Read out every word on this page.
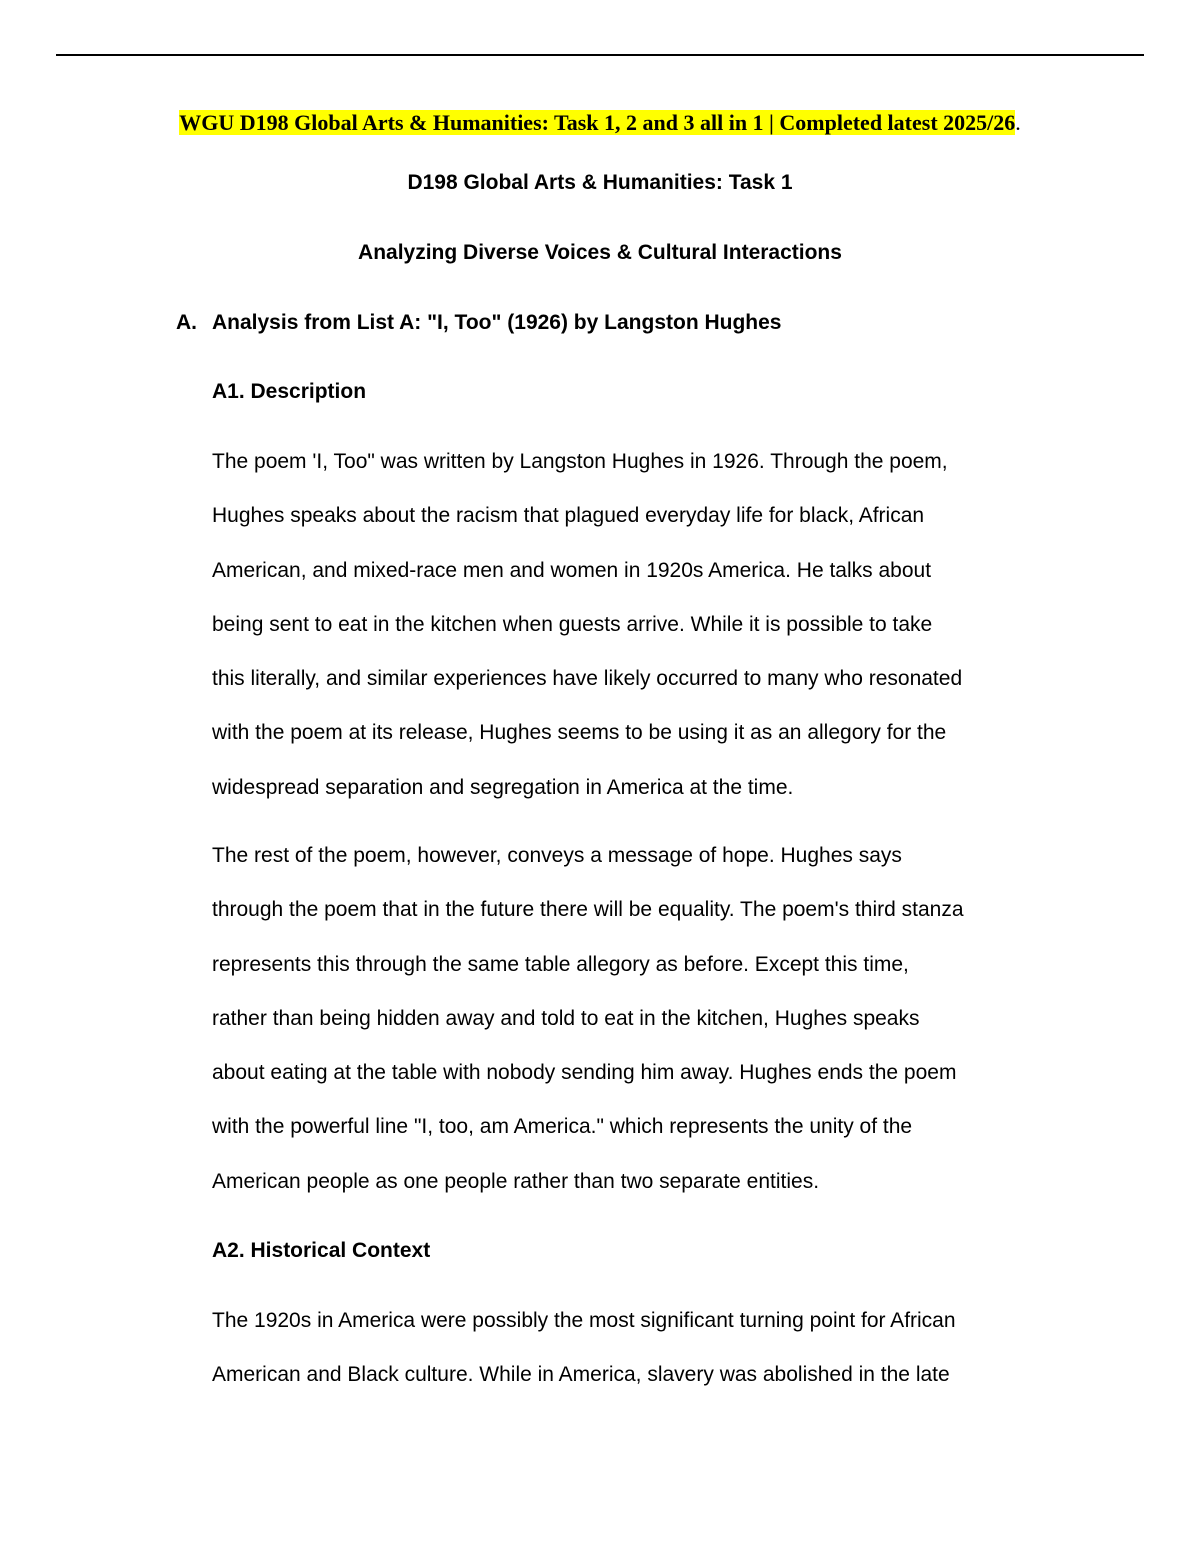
WGU D198 Global Arts & Humanities: Task 1, 2 and 3 all in 1 | Completed latest 2025/26.
D198 Global Arts & Humanities: Task 1
Analyzing Diverse Voices & Cultural Interactions
A. Analysis from List A: "I, Too" (1926) by Langston Hughes
A1. Description
The poem 'I, Too" was written by Langston Hughes in 1926. Through the poem,
Hughes speaks about the racism that plagued everyday life for black, African
American, and mixed-race men and women in 1920s America. He talks about
being sent to eat in the kitchen when guests arrive. While it is possible to take
this literally, and similar experiences have likely occurred to many who resonated
with the poem at its release, Hughes seems to be using it as an allegory for the
widespread separation and segregation in America at the time.
The rest of the poem, however, conveys a message of hope. Hughes says
through the poem that in the future there will be equality. The poem's third stanza
represents this through the same table allegory as before. Except this time,
rather than being hidden away and told to eat in the kitchen, Hughes speaks
about eating at the table with nobody sending him away. Hughes ends the poem
with the powerful line "I, too, am America." which represents the unity of the
American people as one people rather than two separate entities.
A2. Historical Context
The 1920s in America were possibly the most significant turning point for African
American and Black culture. While in America, slavery was abolished in the late
